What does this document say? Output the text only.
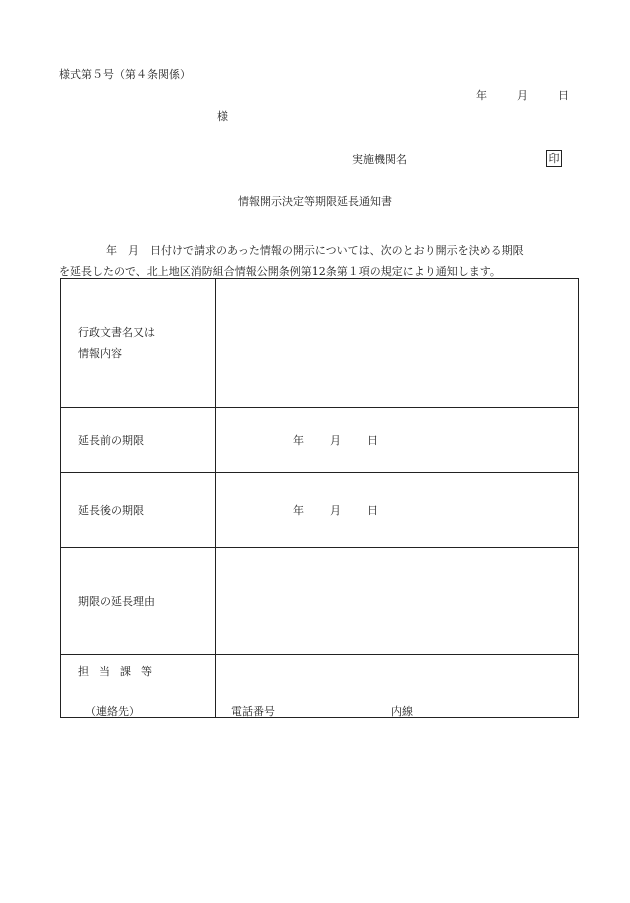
様式第５号（第４条関係）
年	月	日
様
実施機関名	印
情報開示決定等期限延長通知書

年　月　日付けで請求のあった情報の開示については、次のとおり開示を決める期限

を延長したので、北上地区消防組合情報公開条例第12条第１項の規定により通知します。

行政文書名又は
情報内容	

延長前の期限	年 月 日
延長後の期限	年 月 日
期限の延長理由	

担当課等
（連絡先）	電話番号 内線
